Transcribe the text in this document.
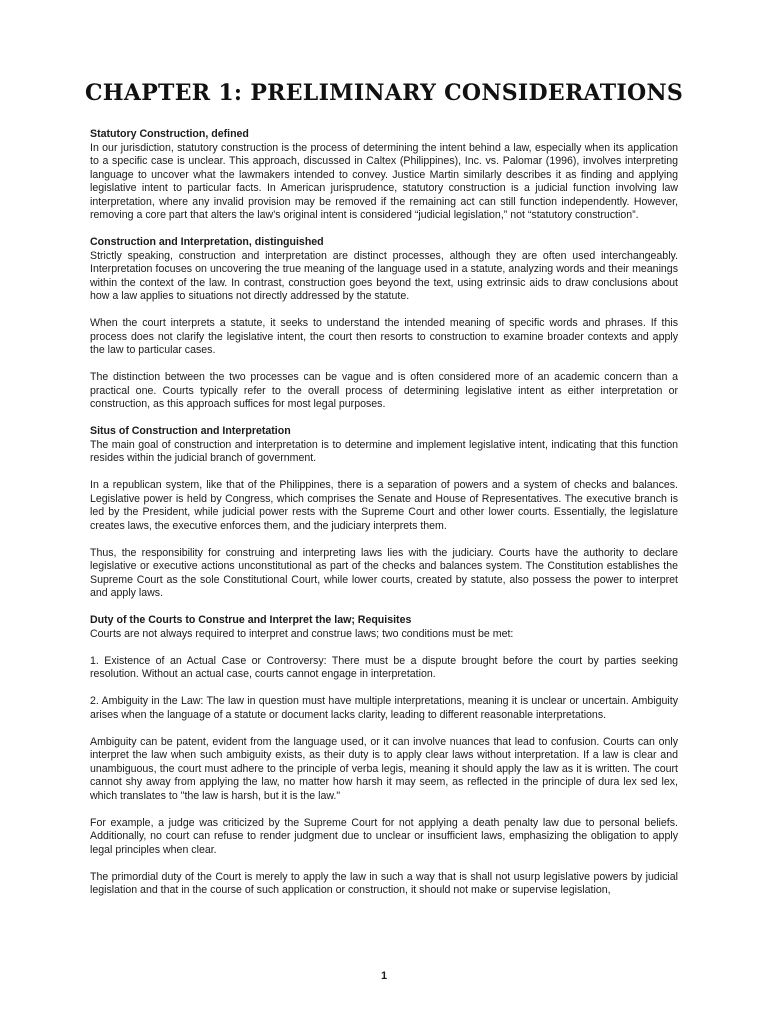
CHAPTER 1: PRELIMINARY CONSIDERATIONS

Statutory Construction, defined

In our jurisdiction, statutory construction is the process of determining the intent behind a law, especially when its application to a specific case is unclear. This approach, discussed in Caltex (Philippines), Inc. vs. Palomar (1996), involves interpreting language to uncover what the lawmakers intended to convey. Justice Martin similarly describes it as finding and applying legislative intent to particular facts. In American jurisprudence, statutory construction is a judicial function involving law interpretation, where any invalid provision may be removed if the remaining act can still function independently. However, removing a core part that alters the law’s original intent is considered “judicial legislation,” not “statutory construction”.

Construction and Interpretation, distinguished

Strictly speaking, construction and interpretation are distinct processes, although they are often used interchangeably. Interpretation focuses on uncovering the true meaning of the language used in a statute, analyzing words and their meanings within the context of the law. In contrast, construction goes beyond the text, using extrinsic aids to draw conclusions about how a law applies to situations not directly addressed by the statute.

When the court interprets a statute, it seeks to understand the intended meaning of specific words and phrases. If this process does not clarify the legislative intent, the court then resorts to construction to examine broader contexts and apply the law to particular cases.

The distinction between the two processes can be vague and is often considered more of an academic concern than a practical one. Courts typically refer to the overall process of determining legislative intent as either interpretation or construction, as this approach suffices for most legal purposes.

Situs of Construction and Interpretation

The main goal of construction and interpretation is to determine and implement legislative intent, indicating that this function resides within the judicial branch of government.

In a republican system, like that of the Philippines, there is a separation of powers and a system of checks and balances. Legislative power is held by Congress, which comprises the Senate and House of Representatives. The executive branch is led by the President, while judicial power rests with the Supreme Court and other lower courts. Essentially, the legislature creates laws, the executive enforces them, and the judiciary interprets them.

Thus, the responsibility for construing and interpreting laws lies with the judiciary. Courts have the authority to declare legislative or executive actions unconstitutional as part of the checks and balances system. The Constitution establishes the Supreme Court as the sole Constitutional Court, while lower courts, created by statute, also possess the power to interpret and apply laws.

Duty of the Courts to Construe and Interpret the law; Requisites

Courts are not always required to interpret and construe laws; two conditions must be met:

1. Existence of an Actual Case or Controversy: There must be a dispute brought before the court by parties seeking resolution. Without an actual case, courts cannot engage in interpretation.

2. Ambiguity in the Law: The law in question must have multiple interpretations, meaning it is unclear or uncertain. Ambiguity arises when the language of a statute or document lacks clarity, leading to different reasonable interpretations.

Ambiguity can be patent, evident from the language used, or it can involve nuances that lead to confusion. Courts can only interpret the law when such ambiguity exists, as their duty is to apply clear laws without interpretation. If a law is clear and unambiguous, the court must adhere to the principle of verba legis, meaning it should apply the law as it is written. The court cannot shy away from applying the law, no matter how harsh it may seem, as reflected in the principle of dura lex sed lex, which translates to "the law is harsh, but it is the law."

For example, a judge was criticized by the Supreme Court for not applying a death penalty law due to personal beliefs. Additionally, no court can refuse to render judgment due to unclear or insufficient laws, emphasizing the obligation to apply legal principles when clear.

The primordial duty of the Court is merely to apply the law in such a way that is shall not usurp legislative powers by judicial legislation and that in the course of such application or construction, it should not make or supervise legislation,

1
